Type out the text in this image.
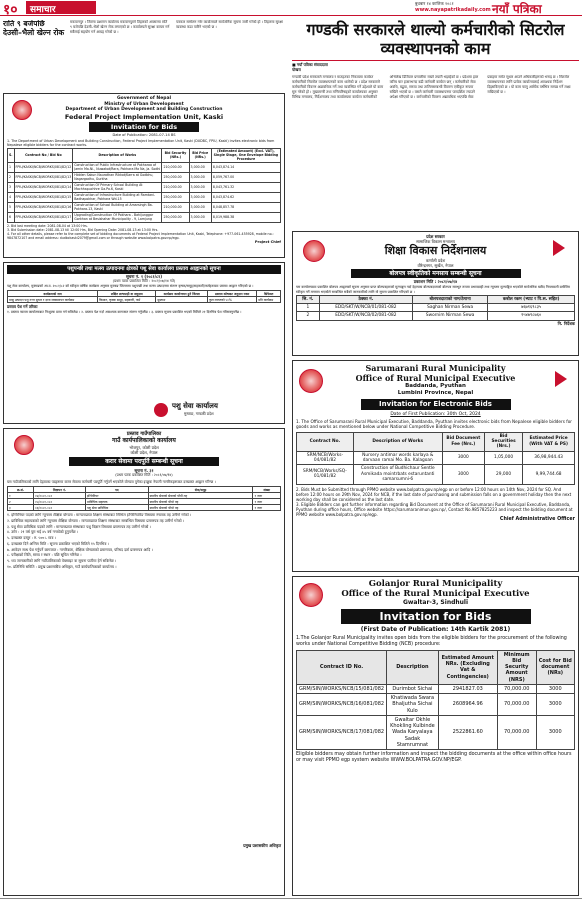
१०	समाचार
बुधबार १४ कात्तिक २०८१
www.nayapatrikadaily.com नयाँ पत्रिका
राति ९ बजेपछि देउसी–भैलो खेल्न रोक
मकवानपुर । जिल्ला प्रशासन कार्यालय मकवानपुरले तिहारको अवसरमा राति ९ बजेपछि देउसी–भैलो खेल्न रोक लगाएको छ । कार्यालयले सुरक्षा कायम गर्न सबैलाई सहयोग गर्न आग्रह गरेको छ ।
पत्रकार सम्मेलन गरेर कार्यालयले सार्वजनिक सूचना जारी गरेको हो । तिहारमा सुरक्षा व्यवस्था कडा पारिने भएको छ ।
Government of Nepal
Ministry of Urban Development
Department of Urban Development and Building Construction
Federal Project Implementation Unit, Kaski
Invitation for Bids
Date of Publication: 2081-07-14 BS
1. The Department of Urban Development and Building Construction, Federal Project Implementation Unit, Kaski (DUDBC, FPIU, Kaski) invites electronic bids from Nepalese eligible bidders for the contract works.
S.	Contract No / Bid No	Description of Works	Bid Security (NRs.)	Bid Price (NRs.)	(Estimated Amount) (Excl. VAT), Single Stage, One Envelope Bidding Procedure
1	FPIU/KASKI/NCB/WORKS/081/82/12	Construction of Public Infrastructure at Pokharaa of Jamin Ma.Ni., Nuwakot/Rara, Pokhara Ma Na, Ja. Sodhi	210,000.00	3,000.00	8,043,874.14
2	FPIU/KASKI/NCB/WORKS/081/82/13	Hidden Sakun Naurathan Rikkot/Karra at Godbhu, Nagargadhu, Gurkha	250,000.00	3,000.00	8,059,767.00
3	FPIU/KASKI/NCB/WORKS/081/82/14	Construction Of Primary School Building At Machhapuchhre Ga.Pa.6, Kaski	210,000.00	3,000.00	8,043,761.32
4	FPIU/KASKI/NCB/WORKS/081/82/15	Construction of Infrastructure Building at Ramtani-Badhapokhar, Pokhara Wd.15	250,000.00	3,000.00	8,043,874.62
5	FPIU/KASKI/NCB/WORKS/081/82/16	Construction of School Building at Amarsingh Ba. Pokhara-13, Kaski	210,000.00	3,000.00	8,048,857.78
6	FPIU/KASKI/NCB/WORKS/081/82/17	Upgrading/Construction Of Pokhara - Bahijunggar Gorkhan at Besishahar Municipality - 9, Lamjung	250,000.00	3,000.00	8,019,988.38
2. Bid last meeting date: 2081-08-04 at 13:00 Hrs.
3. Bid Submission date: 2081-08-13 till 12:00 Hrs, Bid Opening Date: 2081-08-13 at 13:00 Hrs.
4. For all other details, please refer to the complete set of bidding documents at Federal Project Implementation Unit, Kaski, Telephone: +977-061-455928, mobile no.: 9847872107 and email address: dudbckaski2079@gmail.com or through website www.bolpatra.gov.np/egp.
Project Chief
पशुपन्छी तथा मत्स्य उत्पादनमा क्षेत्रको पशु सेवा कार्यालय प्रस्ताव आह्वानको सूचना
सूचना नं. १ (२०८१/८२)
(प्रथम पटक प्रकाशित मिति : २०८१/०७/१४ गते)
पशु सेवा कार्यालय, मुस्ताङको आ.व. २०८१/८२ को स्वीकृत वार्षिक कार्यक्रम अनुसार मुस्ताङ जिल्लामा पशुपन्छी तथा मत्स्य उत्पादनमा संलग्न कृषक/समूह/सहकारी/फर्महरूबाट प्रस्ताव आह्वान गरिएको छ ।
कार्यक्रमको नाम	लक्षित लाभग्राही वा समुदाय	कार्यक्रम कार्यान्वयन हुने जिल्ला	प्रस्ताव कोषबाट अनुदान रकम	कैफियत
मासु उत्पादन पशु नश्ल सुधार र दाना व्यवस्थापन कार्यक्रम	किसान, कृषक समूह, सहकारी, फर्म	मुस्ताङ	कुल लागतको ५०%	प्रति कार्यक्रम
प्रस्ताव पेश गर्ने तरिका
१. प्रस्ताव फाराम कार्यालयबाट निःशुल्क प्राप्त गर्न सकिनेछ । २. प्रस्ताव पेश गर्दा आवश्यक कागजात संलग्न गर्नुपर्नेछ । ३. प्रस्ताव सूचना प्रकाशित भएको मितिले २१ दिनभित्र पेश गरिसक्नुपर्नेछ ।
पशु सेवा कार्यालय
मुस्ताङ, गण्डकी प्रदेश
प्रस्ताव गाउँपालिका
गाउँ कार्यपालिकाको कार्यालय
भोजपुर, कोशी प्रदेश
कोशी प्रदेश, नेपाल
करार सेवामा पदपूर्ति सम्बन्धी सूचना
सूचना नं. ३१
(प्रथम पटक प्रकाशित मिति : २०८१/०७/१४)
यस गाउँपालिकाको लागि देहायका पदहरूमा करार सेवामा कर्मचारी पदपूर्ति गर्नुपर्ने भएकोले योग्यता पुगेका इच्छुक नेपाली नागरिकहरूबाट दरखास्त आह्वान गरिन्छ ।
क्र.सं.	विज्ञापन नं.	पद	सेवा/समूह	संख्या
१	०४/२०८१-०८२	इन्जिनियर	स्थानीय सेवाको सेवाको पाँचौं तह	१ जना
२	०५/२०८१-०८२	प्राविधिक सहायक	स्थानीय सेवाको चौथो तह	१ जना
३	०६/२०८१-०८२	पशु सेवा प्राविधिक	स्थानीय सेवाको चौथो तह	१ जना
१. इन्जिनियर पदको लागि न्यूनतम शैक्षिक योग्यता : मान्यताप्राप्त शिक्षण संस्थाबाट सिभिल इन्जिनियरिङ विषयमा स्नातक तह उत्तीर्ण गरेको ।
२. प्राविधिक सहायकको लागि न्यूनतम शैक्षिक योग्यता : मान्यताप्राप्त शिक्षण संस्थाबाट सम्बन्धित विषयमा प्रमाणपत्र तह उत्तीर्ण गरेको ।
३. पशु सेवा प्राविधिक पदको लागि : मान्यताप्राप्त संस्थाबाट पशु विज्ञान विषयमा प्रमाणपत्र तह उत्तीर्ण गरेको ।
४. उमेर : २१ वर्ष पूरा भई ४५ वर्ष ननाघेको हुनुपर्नेछ ।
५. दरखास्त दस्तुर : रु. ५००।- मात्र ।
६. दरखास्त दिने अन्तिम मिति : सूचना प्रकाशित भएको मितिले १५ दिनभित्र ।
७. आवेदन साथ पेश गर्नुपर्ने कागजात : नागरिकता, शैक्षिक योग्यताको प्रमाणपत्र, परिषद दर्ता प्रमाणपत्र आदि ।
८. परीक्षाको मिति, समय र स्थान : पछि सूचित गरिनेछ ।
९. थप जानकारीको लागि गाउँपालिकाको वेबसाइट वा सूचना पाटीमा हेर्न सकिनेछ ।
१०. प्रतिनिधि समिति : प्रमुख प्रशासकीय अधिकृत, गाउँ कार्यपालिकाको कार्यालय ।
प्रमुख प्रशासकीय अधिकृत
गण्डकी सरकारले थाल्यो कर्मचारीको सिटरोल व्यवस्थापनको काम
■ नयाँ पत्रिका संवाददाता
पोखरा
गण्डकी प्रदेश सरकारले मन्त्रालय र मातहतका निकायमा कार्यरत कर्मचारीको सिटरोल व्यवस्थापनको काम थालेको छ । प्रदेश सरकारले कर्मचारीको विवरण अद्यावधिक गर्ने तथा व्यवस्थित गर्ने उद्देश्यले यो काम सुरु गरेको हो । मुख्यमन्त्री तथा मन्त्रिपरिषद्को कार्यालयका अनुसार विभिन्न मन्त्रालय, निर्देशनालय तथा कार्यालयमा कार्यरत कर्मचारीको अभिलेख डिजिटल प्रणालीमा राख्ने तयारी भइरहेको छ । प्रदेशमा हाल करिब चार हजारभन्दा बढी कर्मचारी कार्यरत छन् । कर्मचारीको सेवा अवधि, बढुवा, सरुवा तथा तालिमसम्बन्धी विवरण एकीकृत रूपमा राखिने भएको छ । यसले कर्मचारी व्यवस्थापनमा पारदर्शिता ल्याउने अपेक्षा गरिएको छ । कर्मचारीको विवरण अद्यावधिक भएपछि सेवा प्रवाहमा समेत सुधार आउने अधिकारीहरूको भनाइ छ । सिटरोल व्यवस्थापनका लागि प्रत्येक कार्यालयलाई आवश्यक निर्देशन दिइसकिएको छ । यो काम चालु आर्थिक वर्षभित्र सम्पन्न गर्ने लक्ष्य राखिएको छ ।
प्रदेश सरकार
सामाजिक विकास मन्त्रालय
शिक्षा विकास निर्देशनालय
कर्णाली प्रदेश
वीरेन्द्रनगर, सुर्खेत, नेपाल
बोलपत्र स्वीकृतिको मनसाय सम्बन्धी सूचना
प्रकाशन मिति : २०८१/०७/१४
यस कार्यालयबाट प्रकाशित बोलपत्र आह्वानको सूचना अनुसार प्राप्त बोलपत्रहरूको मूल्याङ्कन गर्दा देहायका बोलपत्रदाताको बोलपत्र सारभूत रूपमा प्रभावग्राही तथा न्यूनतम मूल्याङ्कित भएकोले सार्वजनिक खरिद नियमावली बमोजिम स्वीकृत गर्ने मनसाय भएकोले सम्बन्धित सबैको जानकारीको लागि यो सूचना प्रकाशित गरिएको छ ।
सि. नं.	ठेक्का नं.	बोलपत्रदाताको नाम/ठेगाना	कबोल रकम (भ्याट र पि.स. सहित)
1	EDD/SKT/W/NCB/01/081-082	Saghan Nirman Sewa	७६७१६९८३५
2	EDD/SKT/W/NCB/02/081-082	Swornim Nirman Sewa	१५४७९८७६०
नि. निर्देशक
Sarumarani Rural Municipality
Office of Rural Municipal Executive
Baddanda, Pyuthan
Lumbini Province, Nepal
Invitation for Electronic Bids
Date of First Publication: 30th Oct, 2024
1. The Office of Sarumarani Rural Municipal Executive, Baddanda, Pyuthan invites electronic bids from Nepalese eligible bidders for goods and works as mentioned below under National Competitive Bidding Procedure.
Contract No.	Description of Works	Bid Document Fee (Nrs.)	Bid Securities (Nrs.)	Estimated Price (With VAT & PS)
SRM/NCB/Works-04/081/82	Nursery antimar words karlaya & darvaan ramai Mo. Ba. Kalagoan	3000	1,05,000	36,98,944.43
SRM/NCB/Works/SQ-01/081/82	Construction of Budhichaur Sentle Asmikada mointrbats estaruntanti samarsumni-6	3000	29,000	9,99,744.68
2. Bids Must be Submitted through PPMO website www.bolpatra.gov.np/egp on or before 12:00 hours on 14th Nov, 2024 for SQ. And before 12:00 hours on 29th Nov, 2024 for NCB, if the last date of purchasing and submission falls on a government holiday then the next working day shall be considered as the last date.
3. Eligible Bidders can get further information regarding Bid Document at the Office of Sarumarani Rural Municipal Executive, Baddanda, Pyuthan during office hours, Office website https://sarumaranimun.gov.np/, Contact No.9857825223 and inspect the bidding document at PPMO website www.bolpatra.gov.np/egp.
Chief Administrative Officer
Golanjor Rural Municipality
Office of the Rural Municipal Executive
Gwaltar-3, Sindhuli
Invitation for Bids
(First Date of Publication: 14th Kartik 2081)
1.The Golanjor Rural Municipality invites open bids from the eligible bidders for the procurement of the following works under National Competitive Bidding (NCB) procedure:
Contract ID No.	Description	Estimated Amount NRs. (Excluding Vat & Contingencies)	Minimum Bid Security Amount (NRS)	Cost for Bid document (NRs)
GRM/SIN/WORKS/NCB/15/081/082	Durimbot Sichai	2941827.03	70,000.00	3000
GRM/SIN/WORKS/NCB/16/081/082	Khatiwada Swara Bhaljutha Sichai Kulo	2608964.96	70,000.00	3000
GRM/SIN/WORKS/NCB/17/081/082	Gwaltar Okhle Khokling Kulbinde Wada Karyalaya Sadak Stamrumnat	2522861.60	70,000.00	3000
Eligible bidders may obtain further information and inspect the bidding documents at the office within office hours or may visit PPMO egp system website WWW.BOLPATRA.GOV.NP/EGP.
